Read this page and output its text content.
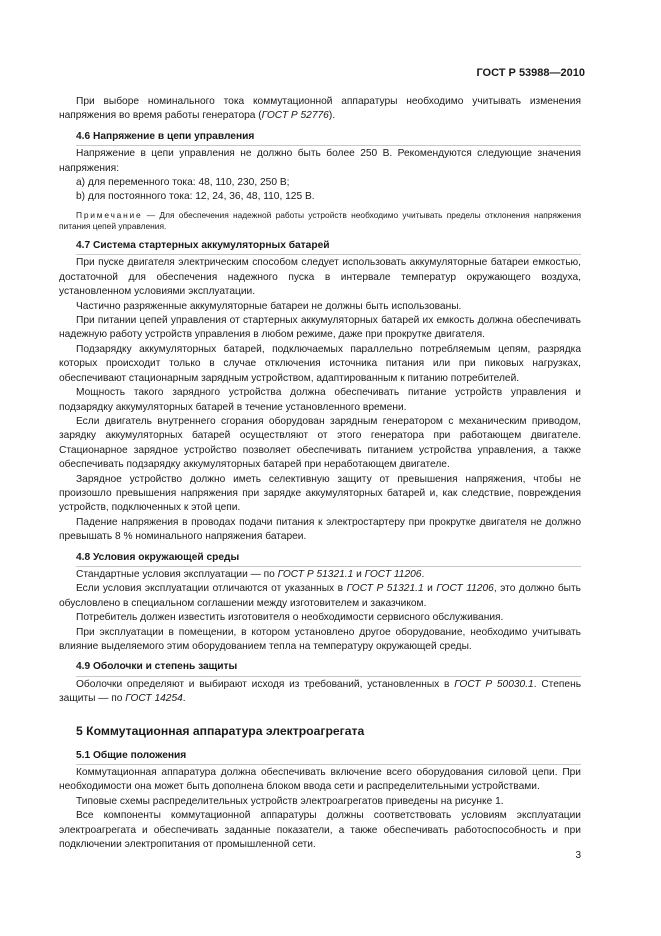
ГОСТ Р 53988—2010

При выборе номинального тока коммутационной аппаратуры необходимо учитывать изменения напряжения во время работы генератора (ГОСТ Р 52776).

4.6 Напряжение в цепи управления

Напряжение в цепи управления не должно быть более 250 В. Рекомендуются следующие значения напряжения:

а) для переменного тока: 48, 110, 230, 250 В;

b) для постоянного тока: 12, 24, 36, 48, 110, 125 В.

Примечание — Для обеспечения надежной работы устройств необходимо учитывать пределы отклонения напряжения питания цепей управления.

4.7 Система стартерных аккумуляторных батарей

При пуске двигателя электрическим способом следует использовать аккумуляторные батареи емкостью, достаточной для обеспечения надежного пуска в интервале температур окружающего воздуха, установленном условиями эксплуатации.

Частично разряженные аккумуляторные батареи не должны быть использованы.

При питании цепей управления от стартерных аккумуляторных батарей их емкость должна обеспечивать надежную работу устройств управления в любом режиме, даже при прокрутке двигателя.

Подзарядку аккумуляторных батарей, подключаемых параллельно потребляемым цепям, разрядка которых происходит только в случае отключения источника питания или при пиковых нагрузках, обеспечивают стационарным зарядным устройством, адаптированным к питанию потребителей.

Мощность такого зарядного устройства должна обеспечивать питание устройств управления и подзарядку аккумуляторных батарей в течение установленного времени.

Если двигатель внутреннего сгорания оборудован зарядным генератором с механическим приводом, зарядку аккумуляторных батарей осуществляют от этого генератора при работающем двигателе. Стационарное зарядное устройство позволяет обеспечивать питанием устройства управления, а также обеспечивать подзарядку аккумуляторных батарей при неработающем двигателе.

Зарядное устройство должно иметь селективную защиту от превышения напряжения, чтобы не произошло превышения напряжения при зарядке аккумуляторных батарей и, как следствие, повреждения устройств, подключенных к этой цепи.

Падение напряжения в проводах подачи питания к электростартеру при прокрутке двигателя не должно превышать 8 % номинального напряжения батареи.

4.8 Условия окружающей среды

Стандартные условия эксплуатации — по ГОСТ Р 51321.1 и ГОСТ 11206.

Если условия эксплуатации отличаются от указанных в ГОСТ Р 51321.1 и ГОСТ 11206, это должно быть обусловлено в специальном соглашении между изготовителем и заказчиком.

Потребитель должен известить изготовителя о необходимости сервисного обслуживания.

При эксплуатации в помещении, в котором установлено другое оборудование, необходимо учитывать влияние выделяемого этим оборудованием тепла на температуру окружающей среды.

4.9 Оболочки и степень защиты

Оболочки определяют и выбирают исходя из требований, установленных в ГОСТ Р 50030.1. Степень защиты — по ГОСТ 14254.

5 Коммутационная аппаратура электроагрегата
5.1 Общие положения

Коммутационная аппаратура должна обеспечивать включение всего оборудования силовой цепи. При необходимости она может быть дополнена блоком ввода сети и распределительными устройствами.

Типовые схемы распределительных устройств электроагрегатов приведены на рисунке 1.

Все компоненты коммутационной аппаратуры должны соответствовать условиям эксплуатации электроагрегата и обеспечивать заданные показатели, а также обеспечивать работоспособность и при подключении электропитания от промышленной сети.

3
